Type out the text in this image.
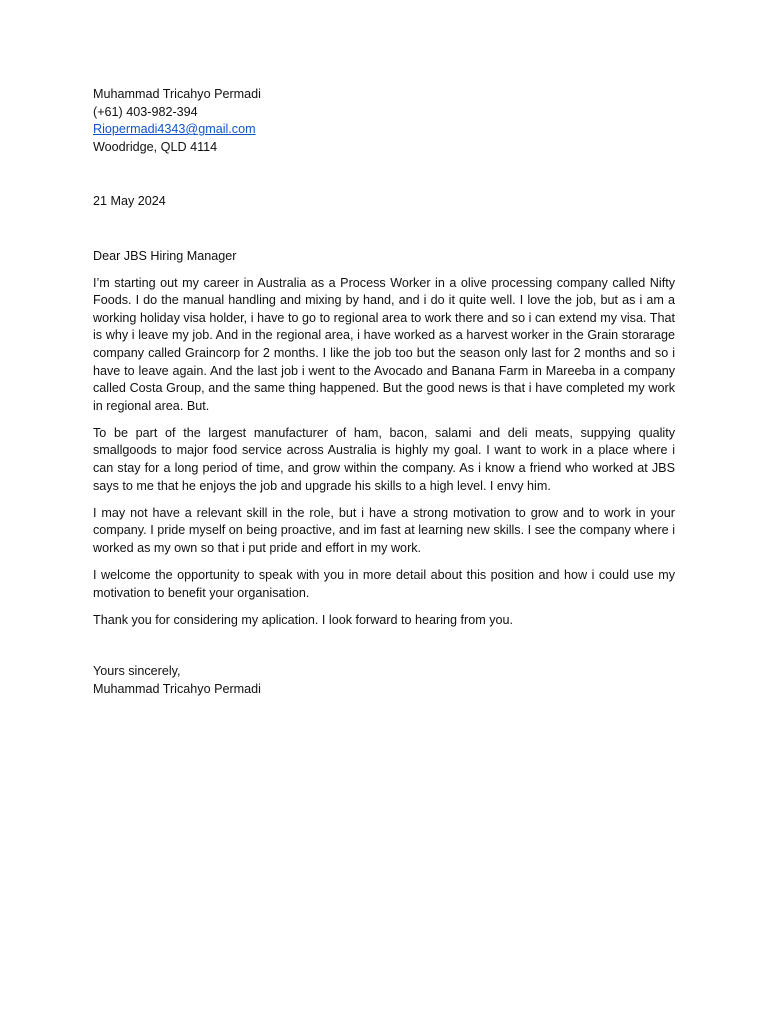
Muhammad Tricahyo Permadi
(+61) 403-982-394
Riopermadi4343@gmail.com
Woodridge, QLD 4114
21 May 2024
Dear JBS Hiring Manager

I’m starting out my career in Australia as a Process Worker in a olive processing company called Nifty Foods. I do the manual handling and mixing by hand, and i do it quite well. I love the job, but as i am a working holiday visa holder, i have to go to regional area to work there and so i can extend my visa. That is why i leave my job. And in the regional area, i have worked as a harvest worker in the Grain storarage company called Graincorp for 2 months. I like the job too but the season only last for 2 months and so i have to leave again. And the last job i went to the Avocado and Banana Farm in Mareeba in a company called Costa Group, and the same thing happened. But the good news is that i have completed my work in regional area. But.

To be part of the largest manufacturer of ham, bacon, salami and deli meats, suppying quality smallgoods to major food service across Australia is highly my goal. I want to work in a place where i can stay for a long period of time, and grow within the company. As i know a friend who worked at JBS says to me that he enjoys the job and upgrade his skills to a high level. I envy him.

I may not have a relevant skill in the role, but i have a strong motivation to grow and to work in your company. I pride myself on being proactive, and im fast at learning new skills. I see the company where i worked as my own so that i put pride and effort in my work.

I welcome the opportunity to speak with you in more detail about this position and how i could use my motivation to benefit your organisation.

Thank you for considering my aplication. I look forward to hearing from you.

Yours sincerely,
Muhammad Tricahyo Permadi
